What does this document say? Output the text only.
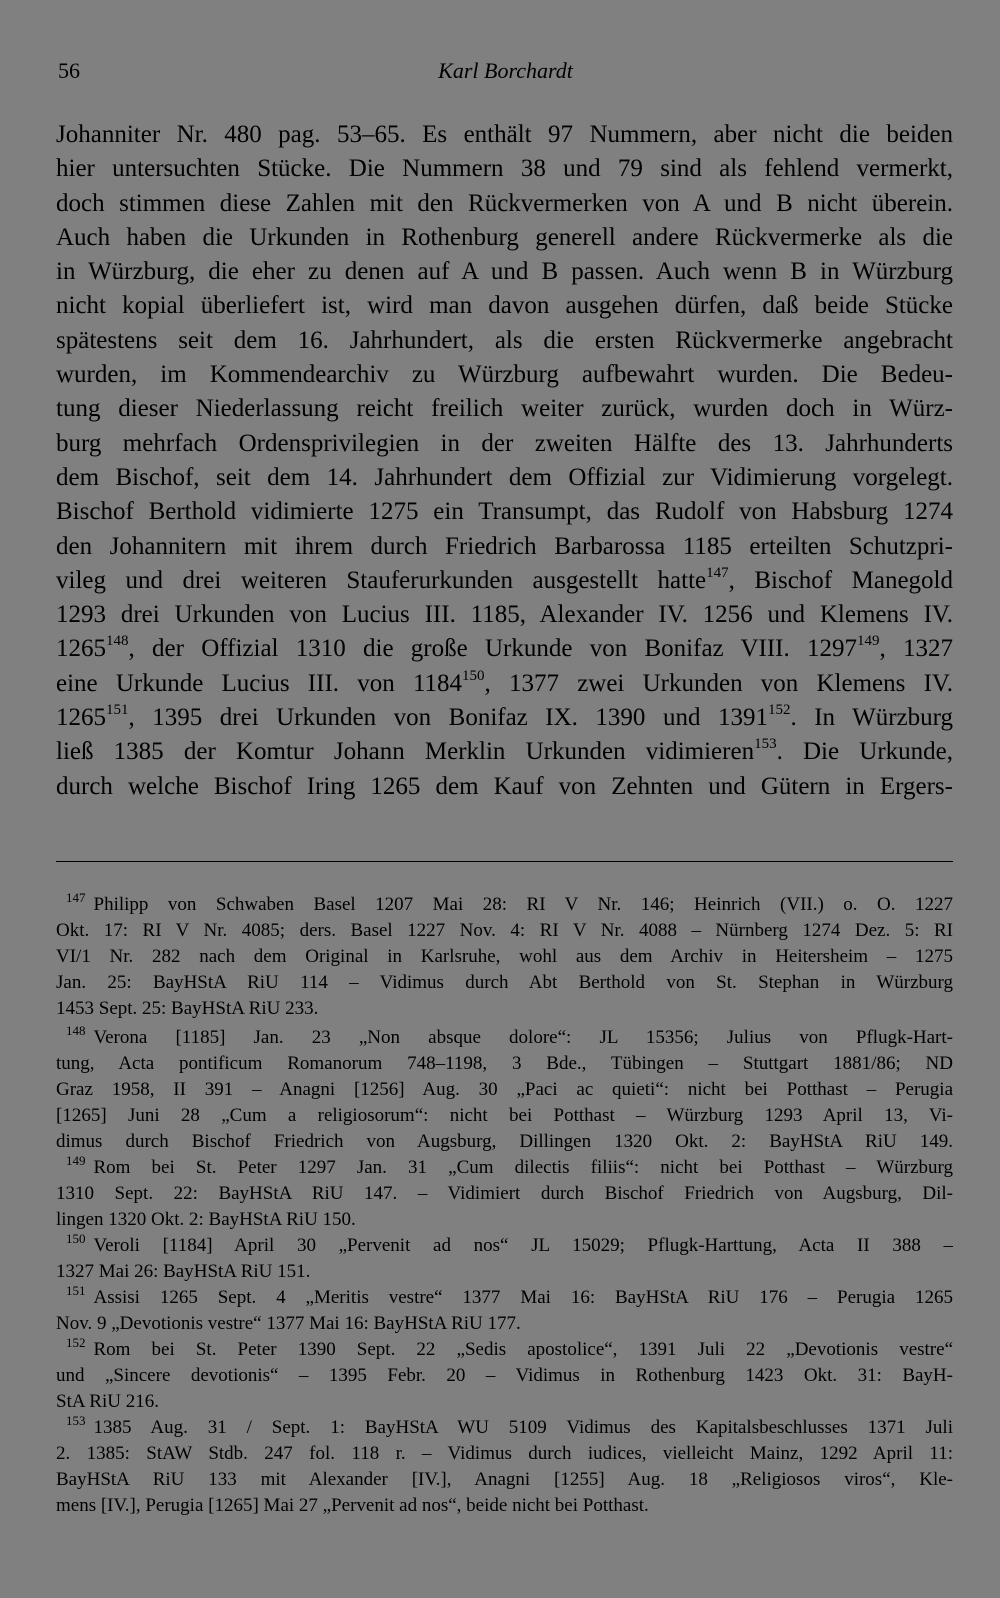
56	Karl Borchardt
Johanniter Nr. 480 pag. 53–65. Es enthält 97 Nummern, aber nicht die beiden
hier untersuchten Stücke. Die Nummern 38 und 79 sind als fehlend vermerkt,
doch stimmen diese Zahlen mit den Rückvermerken von A und B nicht überein.
Auch haben die Urkunden in Rothenburg generell andere Rückvermerke als die
in Würzburg, die eher zu denen auf A und B passen. Auch wenn B in Würzburg
nicht kopial überliefert ist, wird man davon ausgehen dürfen, daß beide Stücke
spätestens seit dem 16. Jahrhundert, als die ersten Rückvermerke angebracht
wurden, im Kommendearchiv zu Würzburg aufbewahrt wurden. Die Bedeu-
tung dieser Niederlassung reicht freilich weiter zurück, wurden doch in Würz-
burg mehrfach Ordensprivilegien in der zweiten Hälfte des 13. Jahrhunderts
dem Bischof, seit dem 14. Jahrhundert dem Offizial zur Vidimierung vorgelegt.
Bischof Berthold vidimierte 1275 ein Transumpt, das Rudolf von Habsburg 1274
den Johannitern mit ihrem durch Friedrich Barbarossa 1185 erteilten Schutzpri-
vileg und drei weiteren Stauferurkunden ausgestellt hatte$^{147}$, Bischof Manegold
1293 drei Urkunden von Lucius III. 1185, Alexander IV. 1256 und Klemens IV.
1265$^{148}$, der Offizial 1310 die große Urkunde von Bonifaz VIII. 1297$^{149}$, 1327
eine Urkunde Lucius III. von 1184$^{150}$, 1377 zwei Urkunden von Klemens IV.
1265$^{151}$, 1395 drei Urkunden von Bonifaz IX. 1390 und 1391$^{152}$. In Würzburg
ließ 1385 der Komtur Johann Merklin Urkunden vidimieren$^{153}$. Die Urkunde,
durch welche Bischof Iring 1265 dem Kauf von Zehnten und Gütern in Ergers-
$^{147}$ Philipp von Schwaben Basel 1207 Mai 28: RI V Nr. 146; Heinrich (VII.) o. O. 1227
Okt. 17: RI V Nr. 4085; ders. Basel 1227 Nov. 4: RI V Nr. 4088 – Nürnberg 1274 Dez. 5: RI
VI/1 Nr. 282 nach dem Original in Karlsruhe, wohl aus dem Archiv in Heitersheim – 1275
Jan. 25: BayHStA RiU 114 – Vidimus durch Abt Berthold von St. Stephan in Würzburg
1453 Sept. 25: BayHStA RiU 233.
$^{148}$ Verona [1185] Jan. 23 „Non absque dolore“: JL 15356; Julius von Pflugk-Hart-
tung, Acta pontificum Romanorum 748–1198, 3 Bde., Tübingen – Stuttgart 1881/86; ND
Graz 1958, II 391 – Anagni [1256] Aug. 30 „Paci ac quieti“: nicht bei Potthast – Perugia
[1265] Juni 28 „Cum a religiosorum“: nicht bei Potthast – Würzburg 1293 April 13, Vi-
dimus durch Bischof Friedrich von Augsburg, Dillingen 1320 Okt. 2: BayHStA RiU 149.
$^{149}$ Rom bei St. Peter 1297 Jan. 31 „Cum dilectis filiis“: nicht bei Potthast – Würzburg
1310 Sept. 22: BayHStA RiU 147. – Vidimiert durch Bischof Friedrich von Augsburg, Dil-
lingen 1320 Okt. 2: BayHStA RiU 150.
$^{150}$ Veroli [1184] April 30 „Pervenit ad nos“ JL 15029; Pflugk-Harttung, Acta II 388 –
1327 Mai 26: BayHStA RiU 151.
$^{151}$ Assisi 1265 Sept. 4 „Meritis vestre“ 1377 Mai 16: BayHStA RiU 176 – Perugia 1265
Nov. 9 „Devotionis vestre“ 1377 Mai 16: BayHStA RiU 177.
$^{152}$ Rom bei St. Peter 1390 Sept. 22 „Sedis apostolice“, 1391 Juli 22 „Devotionis vestre“
und „Sincere devotionis“ – 1395 Febr. 20 – Vidimus in Rothenburg 1423 Okt. 31: BayH-
StA RiU 216.
$^{153}$ 1385 Aug. 31 / Sept. 1: BayHStA WU 5109 Vidimus des Kapitalsbeschlusses 1371 Juli
2. 1385: StAW Stdb. 247 fol. 118 r. – Vidimus durch iudices, vielleicht Mainz, 1292 April 11:
BayHStA RiU 133 mit Alexander [IV.], Anagni [1255] Aug. 18 „Religiosos viros“, Kle-
mens [IV.], Perugia [1265] Mai 27 „Pervenit ad nos“, beide nicht bei Potthast.
